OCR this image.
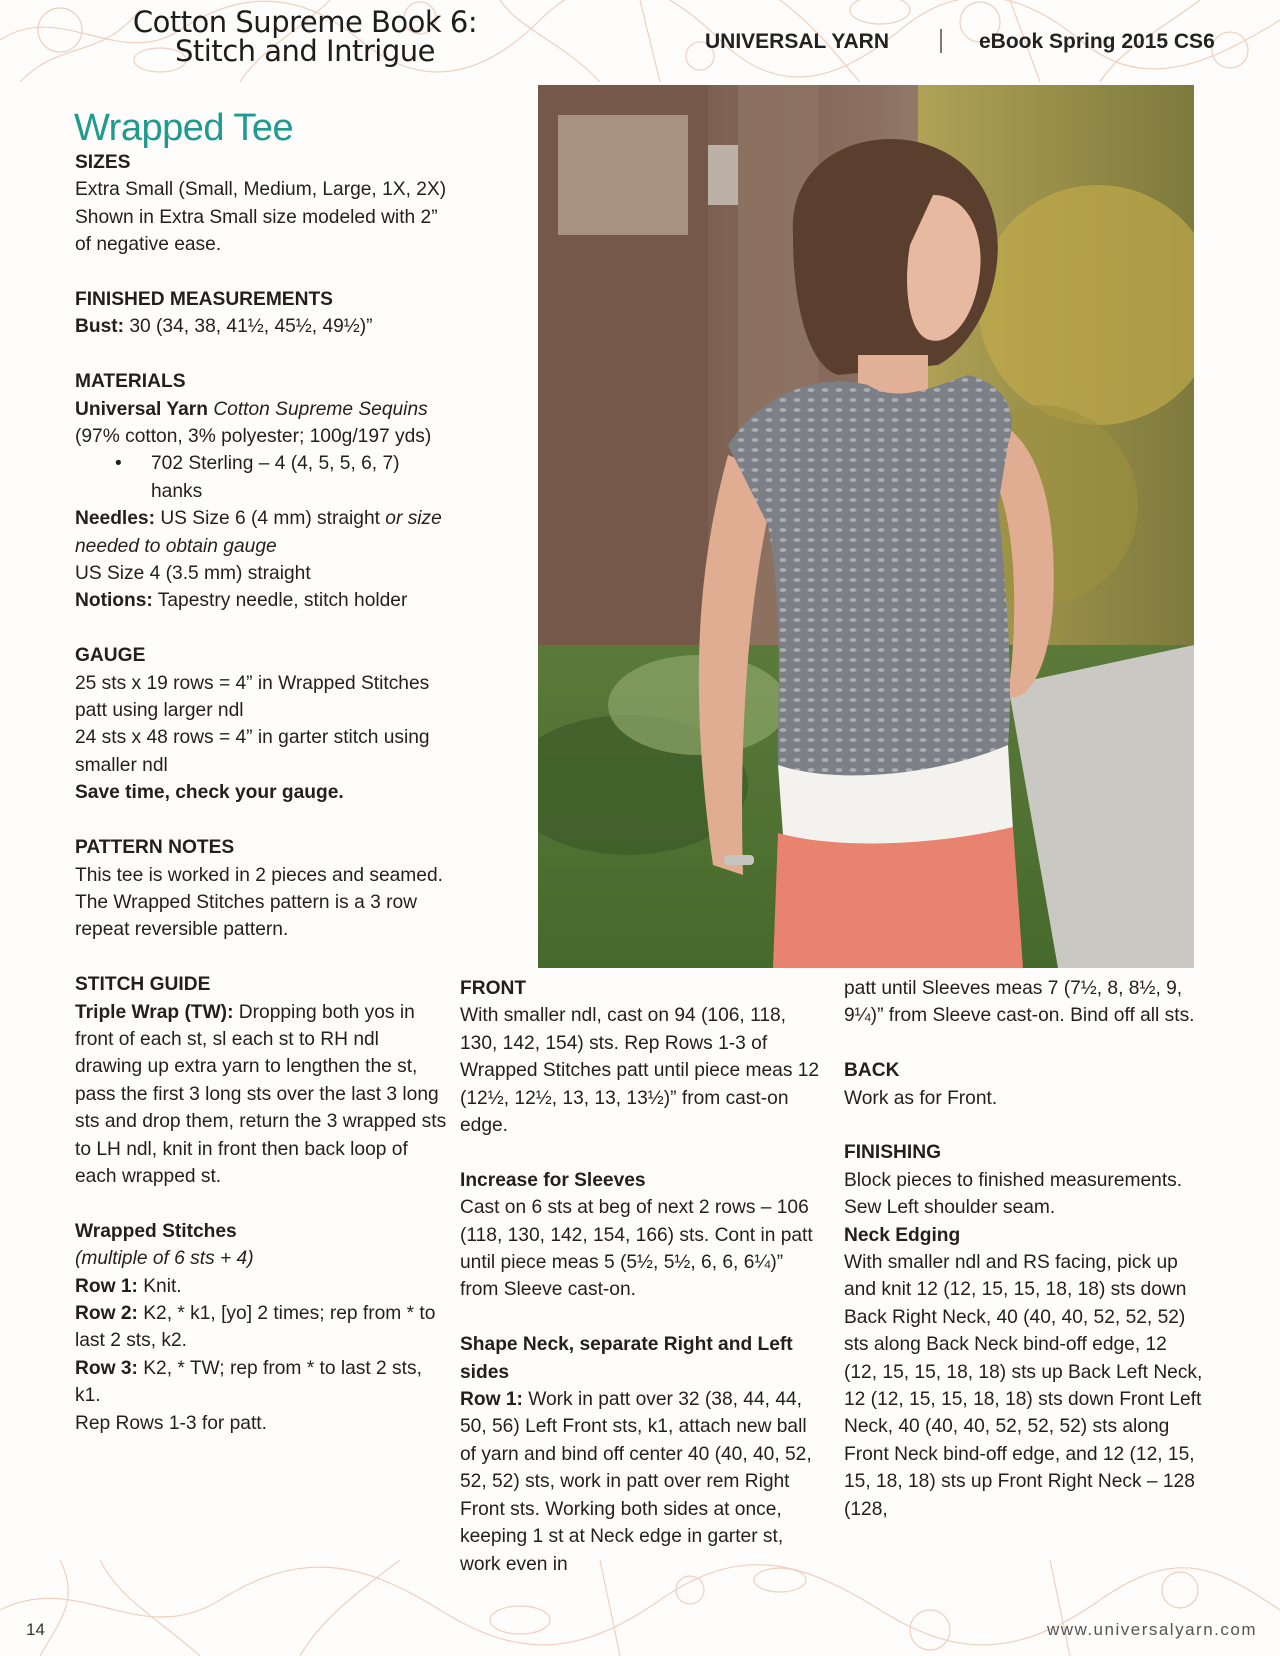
Cotton Supreme Book 6:
Stitch and Intrigue	UNIVERSAL YARN	eBook Spring 2015 CS6
Wrapped Tee

SIZES

Extra Small (Small, Medium, Large, 1X, 2X)

Shown in Extra Small size modeled with 2” of negative ease.

FINISHED MEASUREMENTS

Bust: 30 (34, 38, 41½, 45½, 49½)”

MATERIALS

Universal Yarn Cotton Supreme Sequins (97% cotton, 3% polyester; 100g/197 yds)

• 702 Sterling – 4 (4, 5, 5, 6, 7) hanks

Needles: US Size 6 (4 mm) straight or size needed to obtain gauge

US Size 4 (3.5 mm) straight

Notions: Tapestry needle, stitch holder

GAUGE

25 sts x 19 rows = 4” in Wrapped Stitches patt using larger ndl

24 sts x 48 rows = 4” in garter stitch using smaller ndl

Save time, check your gauge.

PATTERN NOTES

This tee is worked in 2 pieces and seamed. The Wrapped Stitches pattern is a 3 row repeat reversible pattern.

STITCH GUIDE

Triple Wrap (TW): Dropping both yos in front of each st, sl each st to RH ndl drawing up extra yarn to lengthen the st, pass the first 3 long sts over the last 3 long sts and drop them, return the 3 wrapped sts to LH ndl, knit in front then back loop of each wrapped st.

Wrapped Stitches

(multiple of 6 sts + 4)

Row 1: Knit.

Row 2: K2, * k1, [yo] 2 times; rep from * to last 2 sts, k2.

Row 3: K2, * TW; rep from * to last 2 sts, k1.

Rep Rows 1-3 for patt.

FRONT

With smaller ndl, cast on 94 (106, 118, 130, 142, 154) sts. Rep Rows 1-3 of Wrapped Stitches patt until piece meas 12 (12½, 12½, 13, 13, 13½)” from cast-on edge.

Increase for Sleeves

Cast on 6 sts at beg of next 2 rows – 106 (118, 130, 142, 154, 166) sts. Cont in patt until piece meas 5 (5½, 5½, 6, 6, 6¼)” from Sleeve cast-on.

Shape Neck, separate Right and Left sides

Row 1: Work in patt over 32 (38, 44, 44, 50, 56) Left Front sts, k1, attach new ball of yarn and bind off center 40 (40, 40, 52, 52, 52) sts, work in patt over rem Right Front sts. Working both sides at once, keeping 1 st at Neck edge in garter st, work even in

patt until Sleeves meas 7 (7½, 8, 8½, 9, 9¼)” from Sleeve cast-on. Bind off all sts.

BACK

Work as for Front.

FINISHING

Block pieces to finished measurements. Sew Left shoulder seam.

Neck Edging

With smaller ndl and RS facing, pick up and knit 12 (12, 15, 15, 18, 18) sts down Back Right Neck, 40 (40, 40, 52, 52, 52) sts along Back Neck bind-off edge, 12 (12, 15, 15, 18, 18) sts up Back Left Neck, 12 (12, 15, 15, 18, 18) sts down Front Left Neck, 40 (40, 40, 52, 52, 52) sts along Front Neck bind-off edge, and 12 (12, 15, 15, 18, 18) sts up Front Right Neck – 128 (128,

14	www.universalyarn.com
